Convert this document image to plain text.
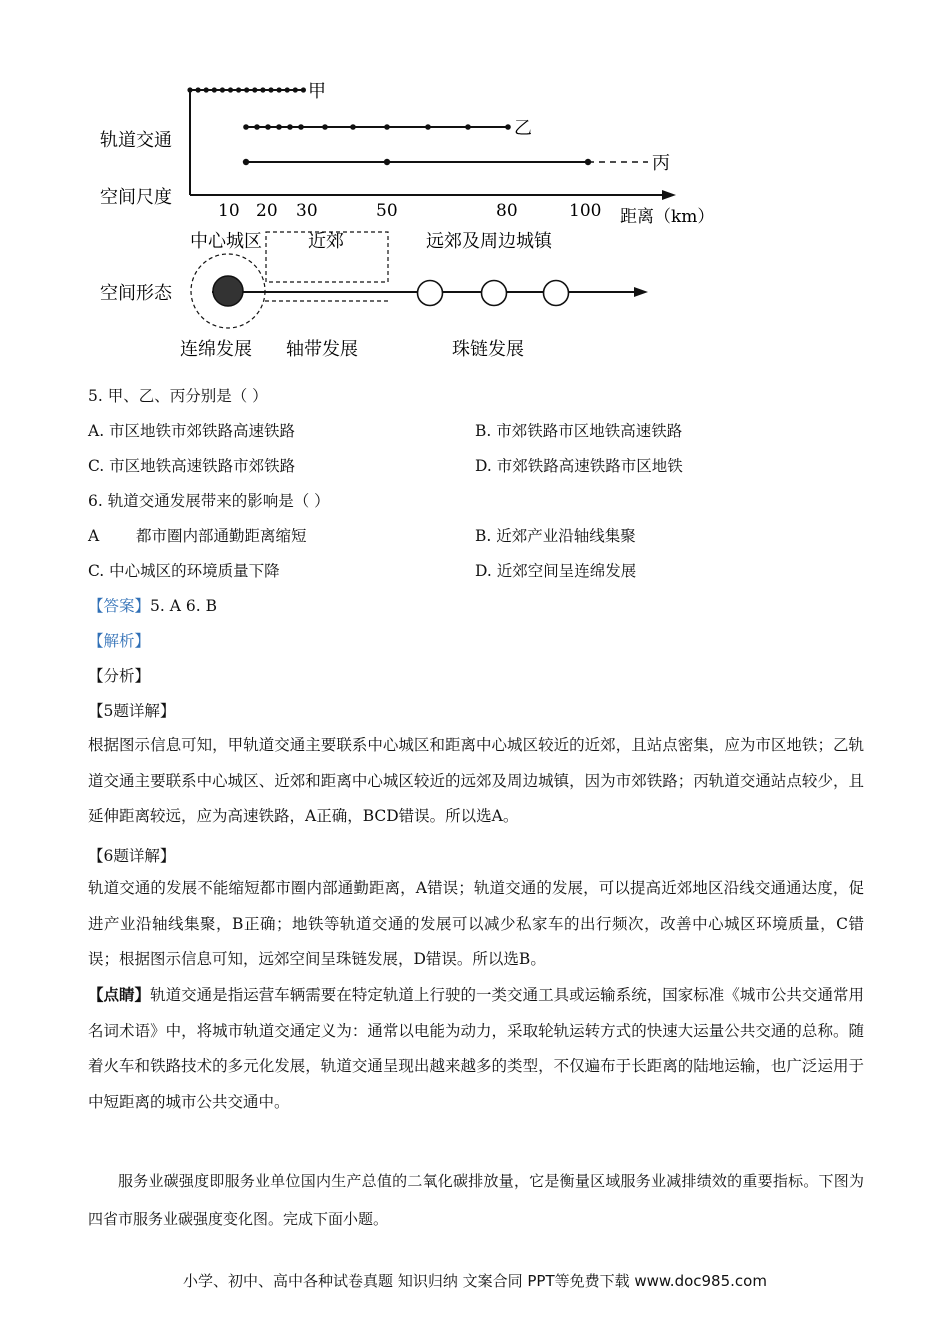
甲
乙
丙
轨道交通
空间尺度
空间形态
10 20 30	50	80	100 距离（km）
中心城区	近郊	远郊及周边城镇
连绵发展 轴带发展	珠链发展
5. 甲、乙、丙分别是（ ）
A. 市区地铁市郊铁路高速铁路	B. 市郊铁路市区地铁高速铁路
C. 市区地铁高速铁路市郊铁路	D. 市郊铁路高速铁路市区地铁
6. 轨道交通发展带来的影响是（ ）
A 都市圈内部通勤距离缩短	B. 近郊产业沿轴线集聚
C. 中心城区的环境质量下降	D. 近郊空间呈连绵发展
【答案】5. A 6. B
【解析】
【分析】
【5题详解】
根据图示信息可知，甲轨道交通主要联系中心城区和距离中心城区较近的近郊，且站点密集，应为市区地铁；乙轨道交通主要联系中心城区、近郊和距离中心城区较近的远郊及周边城镇，因为市郊铁路；丙轨道交通站点较少，且延伸距离较远，应为高速铁路，A正确，BCD错误。所以选A。
【6题详解】
轨道交通的发展不能缩短都市圈内部通勤距离，A错误；轨道交通的发展，可以提高近郊地区沿线交通通达度，促进产业沿轴线集聚，B正确；地铁等轨道交通的发展可以减少私家车的出行频次，改善中心城区环境质量，C错误；根据图示信息可知，远郊空间呈珠链发展，D错误。所以选B。
【点睛】轨道交通是指运营车辆需要在特定轨道上行驶的一类交通工具或运输系统，国家标准《城市公共交通常用名词术语》中，将城市轨道交通定义为：通常以电能为动力，采取轮轨运转方式的快速大运量公共交通的总称。随着火车和铁路技术的多元化发展，轨道交通呈现出越来越多的类型，不仅遍布于长距离的陆地运输，也广泛运用于中短距离的城市公共交通中。
服务业碳强度即服务业单位国内生产总值的二氧化碳排放量，它是衡量区域服务业减排绩效的重要指标。下图为四省市服务业碳强度变化图。完成下面小题。
小学、初中、高中各种试卷真题 知识归纳 文案合同 PPT等免费下载 www.doc985.com
